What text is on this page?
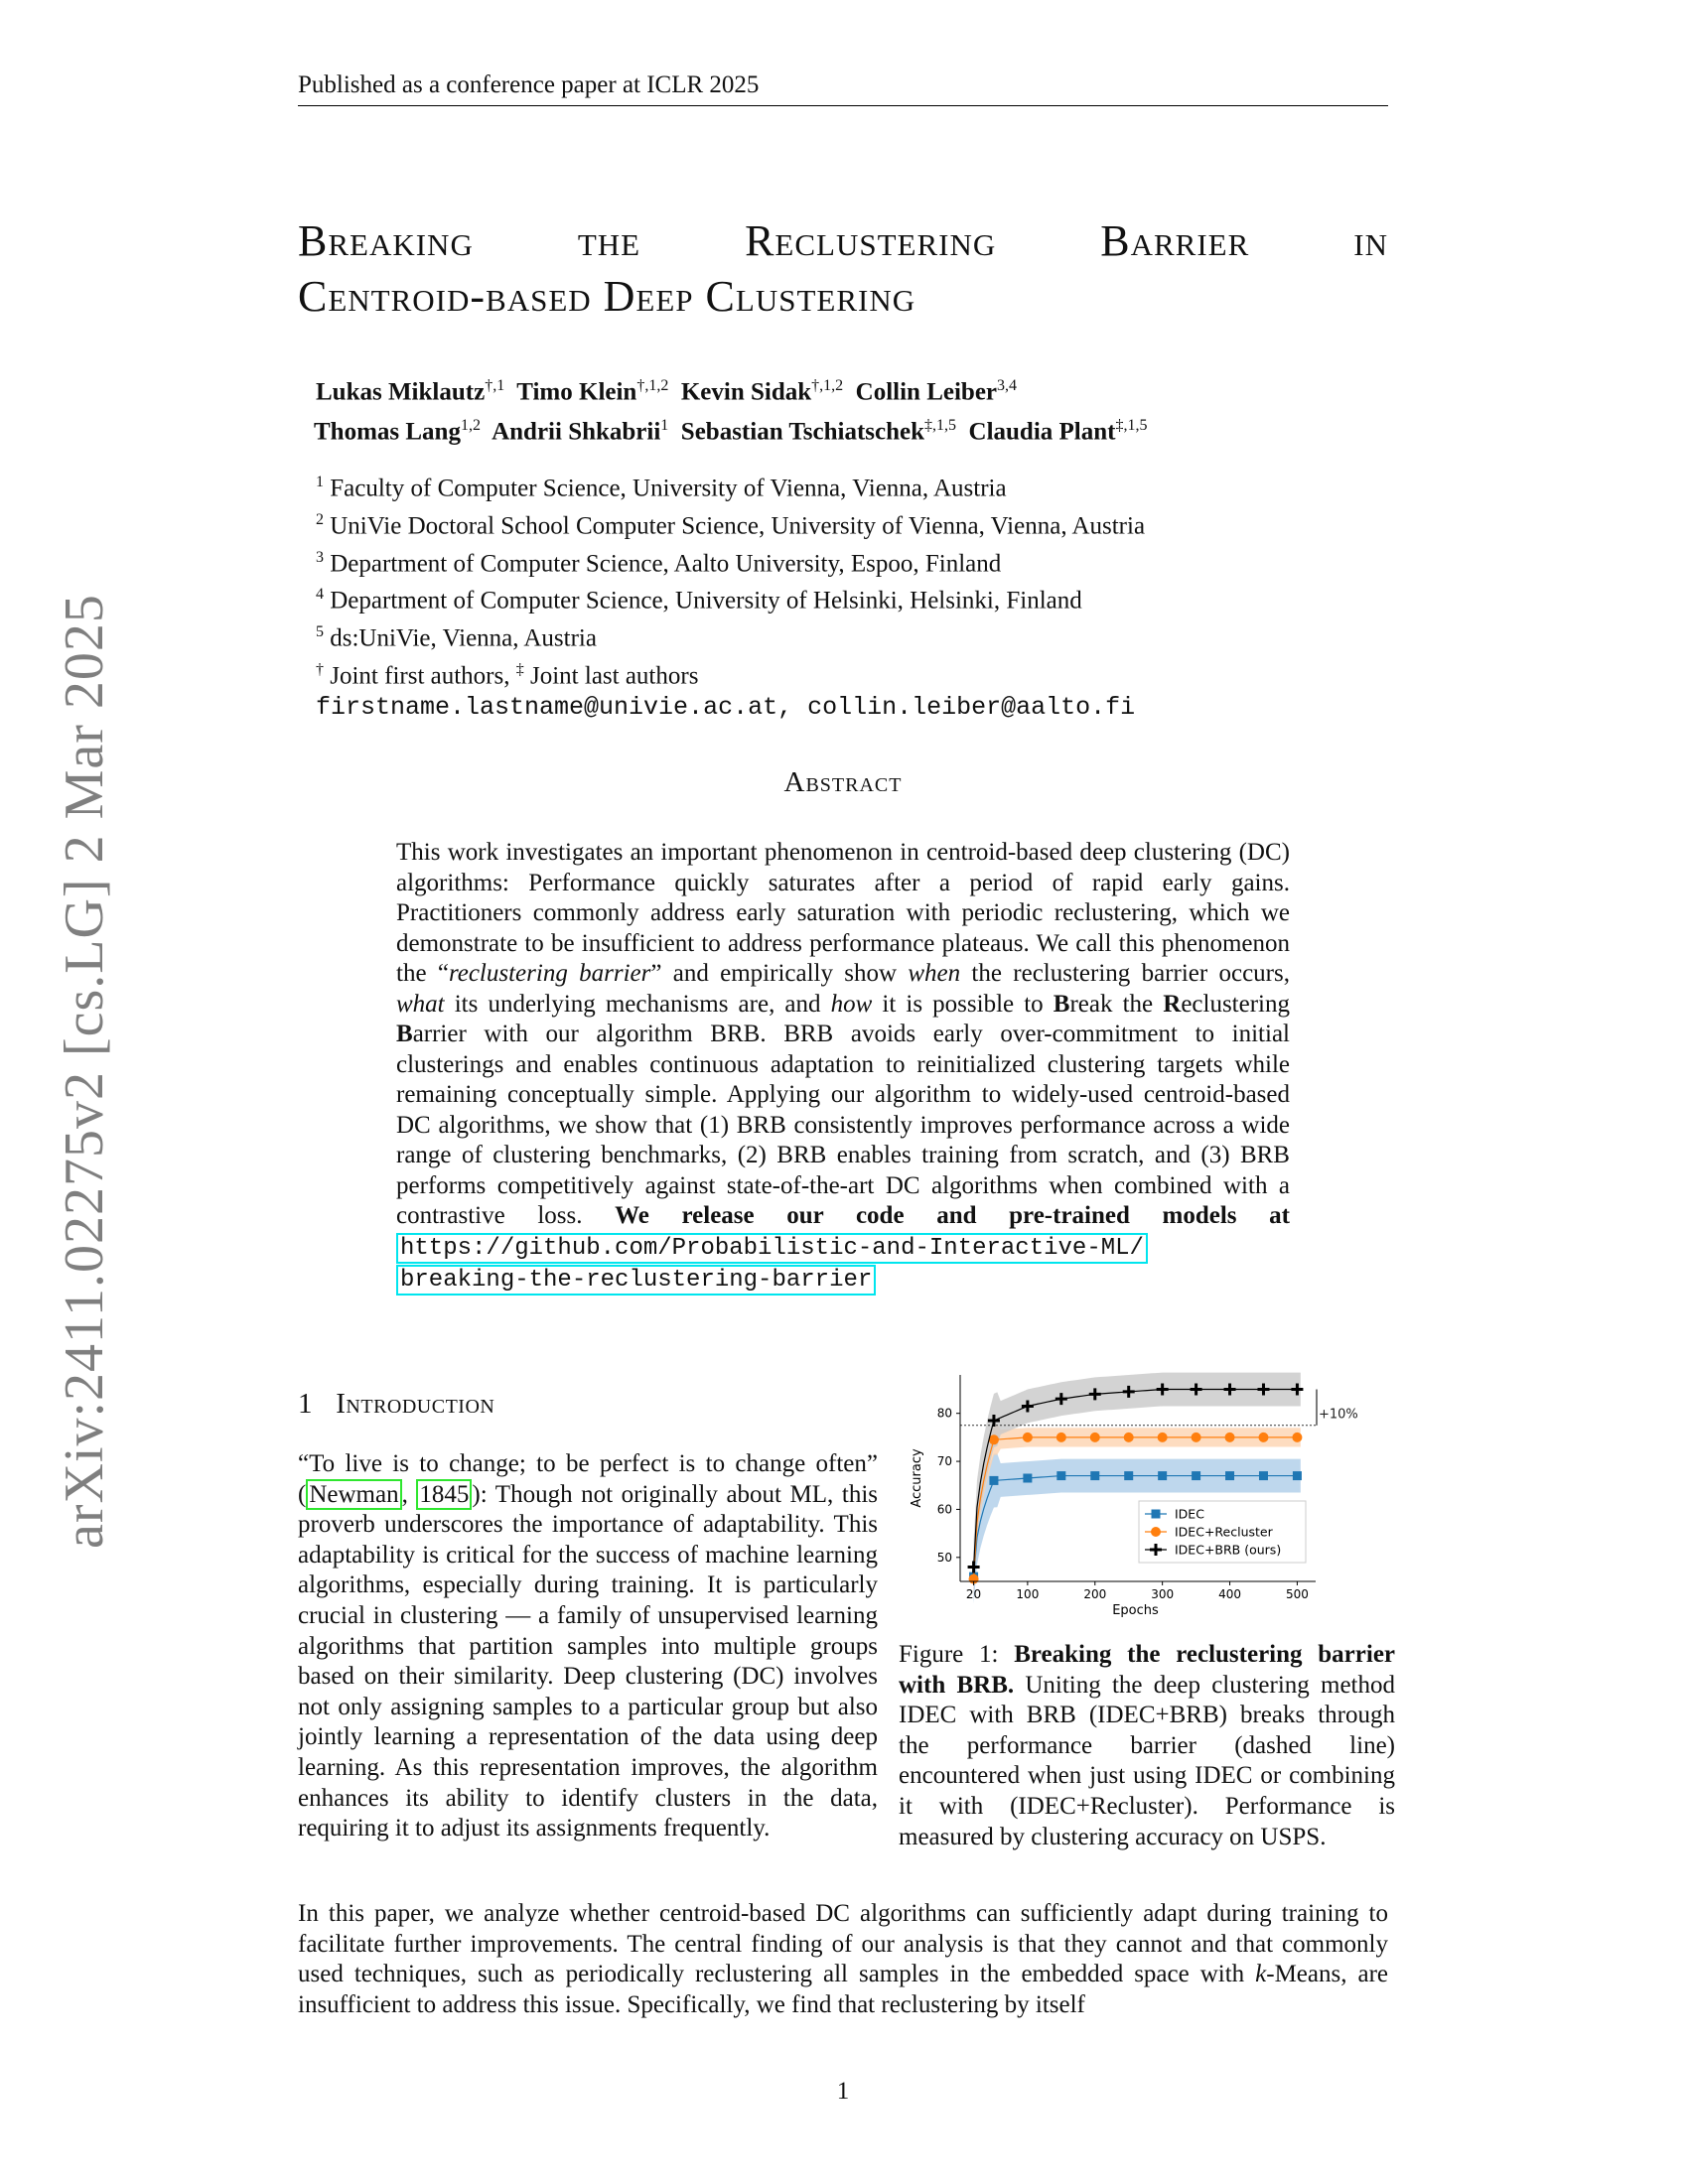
Published as a conference paper at ICLR 2025
arXiv:2411.02275v2 [cs.LG] 2 Mar 2025
Breaking the Reclustering Barrier in
Centroid-based Deep Clustering
Lukas Miklautz$^{\dagger,1}$ Timo Klein$^{\dagger,1,2}$ Kevin Sidak$^{\dagger,1,2}$ Collin Leiber$^{3,4}$
Thomas Lang$^{1,2}$ Andrii Shkabrii$^1$ Sebastian Tschiatschek$^{\ddagger,1,5}$ Claudia Plant$^{\ddagger,1,5}$
$^1$ Faculty of Computer Science, University of Vienna, Vienna, Austria
$^2$ UniVie Doctoral School Computer Science, University of Vienna, Vienna, Austria
$^3$ Department of Computer Science, Aalto University, Espoo, Finland
$^4$ Department of Computer Science, University of Helsinki, Helsinki, Finland
$^5$ ds:UniVie, Vienna, Austria
† Joint first authors, ‡ Joint last authors
firstname.lastname@univie.ac.at, collin.leiber@aalto.fi
Abstract
This work investigates an important phenomenon in centroid-based deep clustering (DC) algorithms: Performance quickly saturates after a period of rapid early gains. Practitioners commonly address early saturation with periodic reclustering, which we demonstrate to be insufficient to address performance plateaus. We call this phenomenon the “reclustering barrier” and empirically show when the reclustering barrier occurs, what its underlying mechanisms are, and how it is possible to Break the Reclustering Barrier with our algorithm BRB. BRB avoids early over-commitment to initial clusterings and enables continuous adaptation to reinitialized clustering targets while remaining conceptually simple. Applying our algorithm to widely-used centroid-based DC algorithms, we show that (1) BRB consistently improves performance across a wide range of clustering benchmarks, (2) BRB enables training from scratch, and (3) BRB performs competitively against state-of-the-art DC algorithms when combined with a contrastive loss. We release our code and pre-trained models at https://github.com/Probabilistic-and-Interactive-ML/
breaking-the-reclustering-barrier
1 Introduction
“To live is to change; to be perfect is to change often” ( Newman , 1845 ): Though not originally about ML, this proverb underscores the importance of adaptability. This adaptability is critical for the success of machine learning algorithms, especially during training. It is particularly crucial in clustering — a family of unsupervised learning algorithms that partition samples into multiple groups based on their similarity. Deep clustering (DC) involves not only assigning samples to a particular group but also jointly learning a representation of the data using deep learning. As this representation improves, the algorithm enhances its ability to identify clusters in the data, requiring it to adjust its assignments frequently.
+10%
20	100	200	300	400	500
50
60
70
80
Epochs
Accuracy
IDEC
IDEC+Recluster
IDEC+BRB (ours)
Figure 1: Breaking the reclustering barrier with BRB. Uniting the deep clustering method IDEC with BRB (IDEC+BRB) breaks through the performance barrier (dashed line) encountered when just using IDEC or combining it with (IDEC+Recluster). Performance is measured by clustering accuracy on USPS.
In this paper, we analyze whether centroid-based DC algorithms can sufficiently adapt during training to facilitate further improvements. The central finding of our analysis is that they cannot and that commonly used techniques, such as periodically reclustering all samples in the embedded space with k-Means, are insufficient to address this issue. Specifically, we find that reclustering by itself
1
